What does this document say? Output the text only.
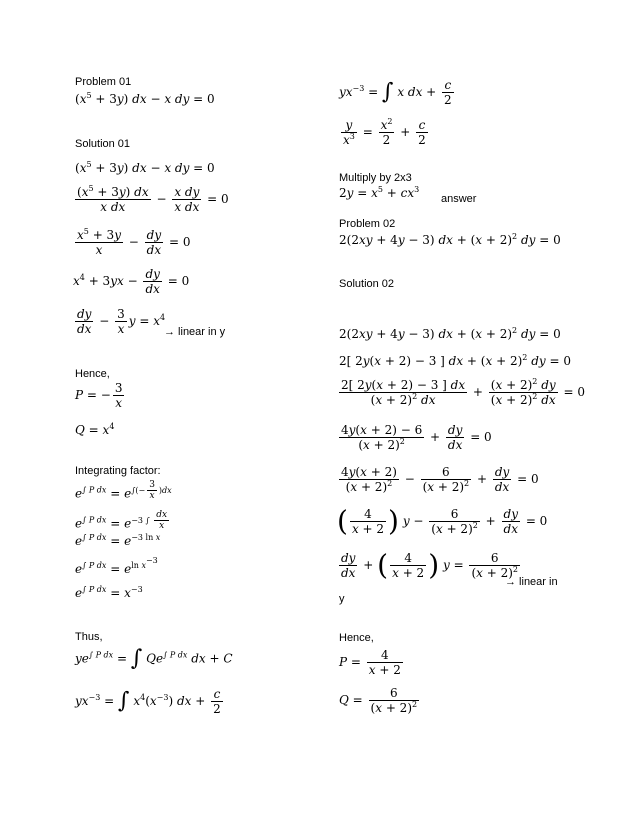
Problem 01
$(x^5 + 3y)$ dx − x dy = 0
Solution 01
$(x^5 + 3y)$ dx − x dy = 0
$\frac{(x^5 + 3y) dx}{\text{x dx}} - \frac{\text{x dy}}{\text{x dx}} = 0$
$\frac{x^5 + 3y}{x} - \frac{dy}{dx} = 0$
$x^4 + 3yx - \frac{dy}{dx} = 0$
$\frac{dy}{dx} - \frac{3}{x}$ $y = x^4$
→ linear in y
Hence,
P = − $\frac{3}{x}$
$Q = x^4$
Integrating factor:
$e^{\int P dx} = e^{\int(- \frac{3}{x} )dx}$
$e^{\int P dx} = e^{-3 \int \frac{dx}{x}}$
$e^{\int P dx} = e^{-3 ln x}$
$e^{\int P dx} = e^{ln x^{-3}}$
$e^{\int P dx} = x^{-3}$
Thus,
$ye^{\int P dx}$ = ∫ $Qe^{\int P dx}$ dx + C
$yx^{-3}$ = ∫ $x^4(x^{-3})$ dx + $\frac{c}{2}$
$yx^{-3}$ = ∫ x dx + $\frac{c}{2}$
$\frac{y}{x^3} = \frac{x^2}{2} + \frac{c}{2}$
Multiply by 2x3
$2y = x^5 + cx^3$
answer
Problem 02
2(2xy + 4y − 3) dx + $(x + 2)^2$ dy = 0
Solution 02
2(2xy + 4y − 3) dx + $(x + 2)^2$ dy = 0
2[ 2y(x + 2) − 3 ] dx + $(x + 2)^2$ dy = 0
$\frac{2[ 2y(x + 2) - 3 ] dx}{(x + 2)^2 dx} + \frac{(x + 2)^2 dy}{(x + 2)^2 dx} = 0$
$\frac{4y(x + 2) - 6}{(x + 2)^2} + \frac{dy}{dx} = 0$
$\frac{4y(x + 2)}{(x + 2)^2} - \frac{6}{(x + 2)^2} + \frac{dy}{dx} = 0$
( $\frac{4}{x + 2}$ ) $y - \frac{6}{(x + 2)^2} + \frac{dy}{dx} = 0$
$\frac{dy}{dx}$ + ( $\frac{4}{x + 2}$ ) $y = \frac{6}{(x + 2)^2}$
→ linear in
y
Hence,
$P = \frac{4}{x + 2}$
$Q = \frac{6}{(x + 2)^2}$
